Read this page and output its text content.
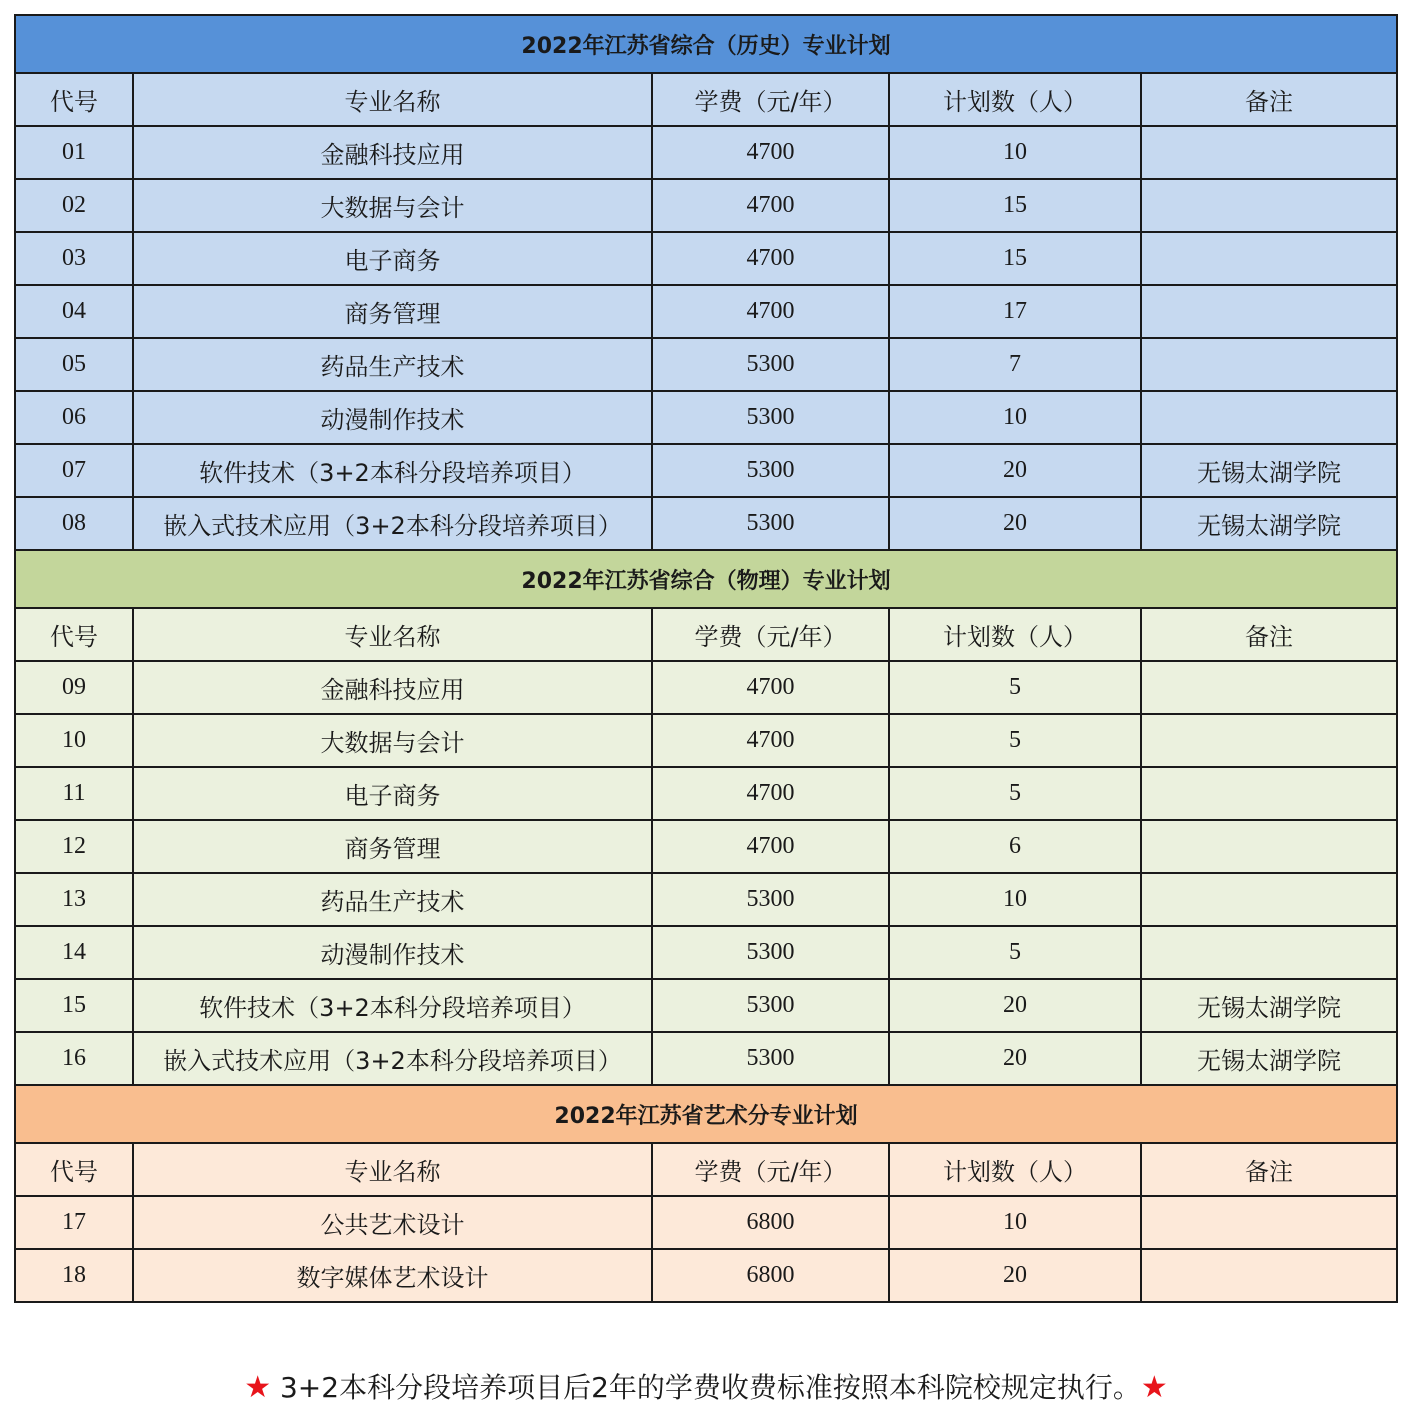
2022年江苏省综合（历史）专业计划				
代号	专业名称	学费（元/年）	计划数（人）	备注
01	金融科技应用	4700	10	
02	大数据与会计	4700	15	
03	电子商务	4700	15	
04	商务管理	4700	17	
05	药品生产技术	5300	7	
06	动漫制作技术	5300	10	
07	软件技术（3+2本科分段培养项目）	5300	20	无锡太湖学院
08	嵌入式技术应用（3+2本科分段培养项目）	5300	20	无锡太湖学院
2022年江苏省综合（物理）专业计划				
代号	专业名称	学费（元/年）	计划数（人）	备注
09	金融科技应用	4700	5	
10	大数据与会计	4700	5	
11	电子商务	4700	5	
12	商务管理	4700	6	
13	药品生产技术	5300	10	
14	动漫制作技术	5300	5	
15	软件技术（3+2本科分段培养项目）	5300	20	无锡太湖学院
16	嵌入式技术应用（3+2本科分段培养项目）	5300	20	无锡太湖学院
2022年江苏省艺术分专业计划				
代号	专业名称	学费（元/年）	计划数（人）	备注
17	公共艺术设计	6800	10	
18	数字媒体艺术设计	6800	20	
★ 3+2本科分段培养项目后2年的学费收费标准按照本科院校规定执行。★
